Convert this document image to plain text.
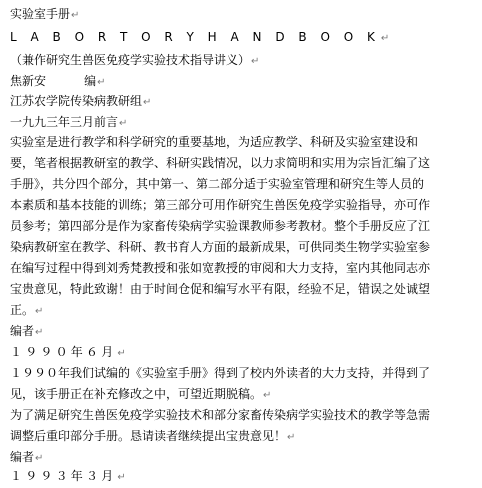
实验室手册↵
L A B O R T O R Y H A N D B O O K↵
（兼作研究生兽医免疫学实验技术指导讲义）↵
焦新安          编↵
江苏农学院传染病教研组↵
一九九三年三月前言↵
实验室是进行教学和科学研究的重要基地，为适应教学、科研及实验室建设和
要，笔者根据教研室的教学、科研实践情况，以力求简明和实用为宗旨汇编了这
手册》，共分四个部分，其中第一、第二部分适于实验室管理和研究生等人员的
本素质和基本技能的训练；第三部分可用作研究生兽医免疫学实验指导，亦可作
员参考；第四部分是作为家畜传染病学实验课教师参考教材。整个手册反应了江
染病教研室在教学、科研、教书育人方面的最新成果，可供同类生物学实验室参
在编写过程中得到刘秀梵教授和张如宽教授的审阅和大力支持，室内其他同志亦
宝贵意见，特此致谢！由于时间仓促和编写水平有限，经验不足，错误之处诚望
正。↵
编者↵
１９９０年６月↵
１９９０年我们试编的《实验室手册》得到了校内外读者的大力支持，并得到了
见，该手册正在补充修改之中，可望近期脱稿。↵
为了满足研究生兽医免疫学实验技术和部分家畜传染病学实验技术的教学等急需
调整后重印部分手册。恳请读者继续提出宝贵意见！↵
编者↵
１９９３年３月↵
